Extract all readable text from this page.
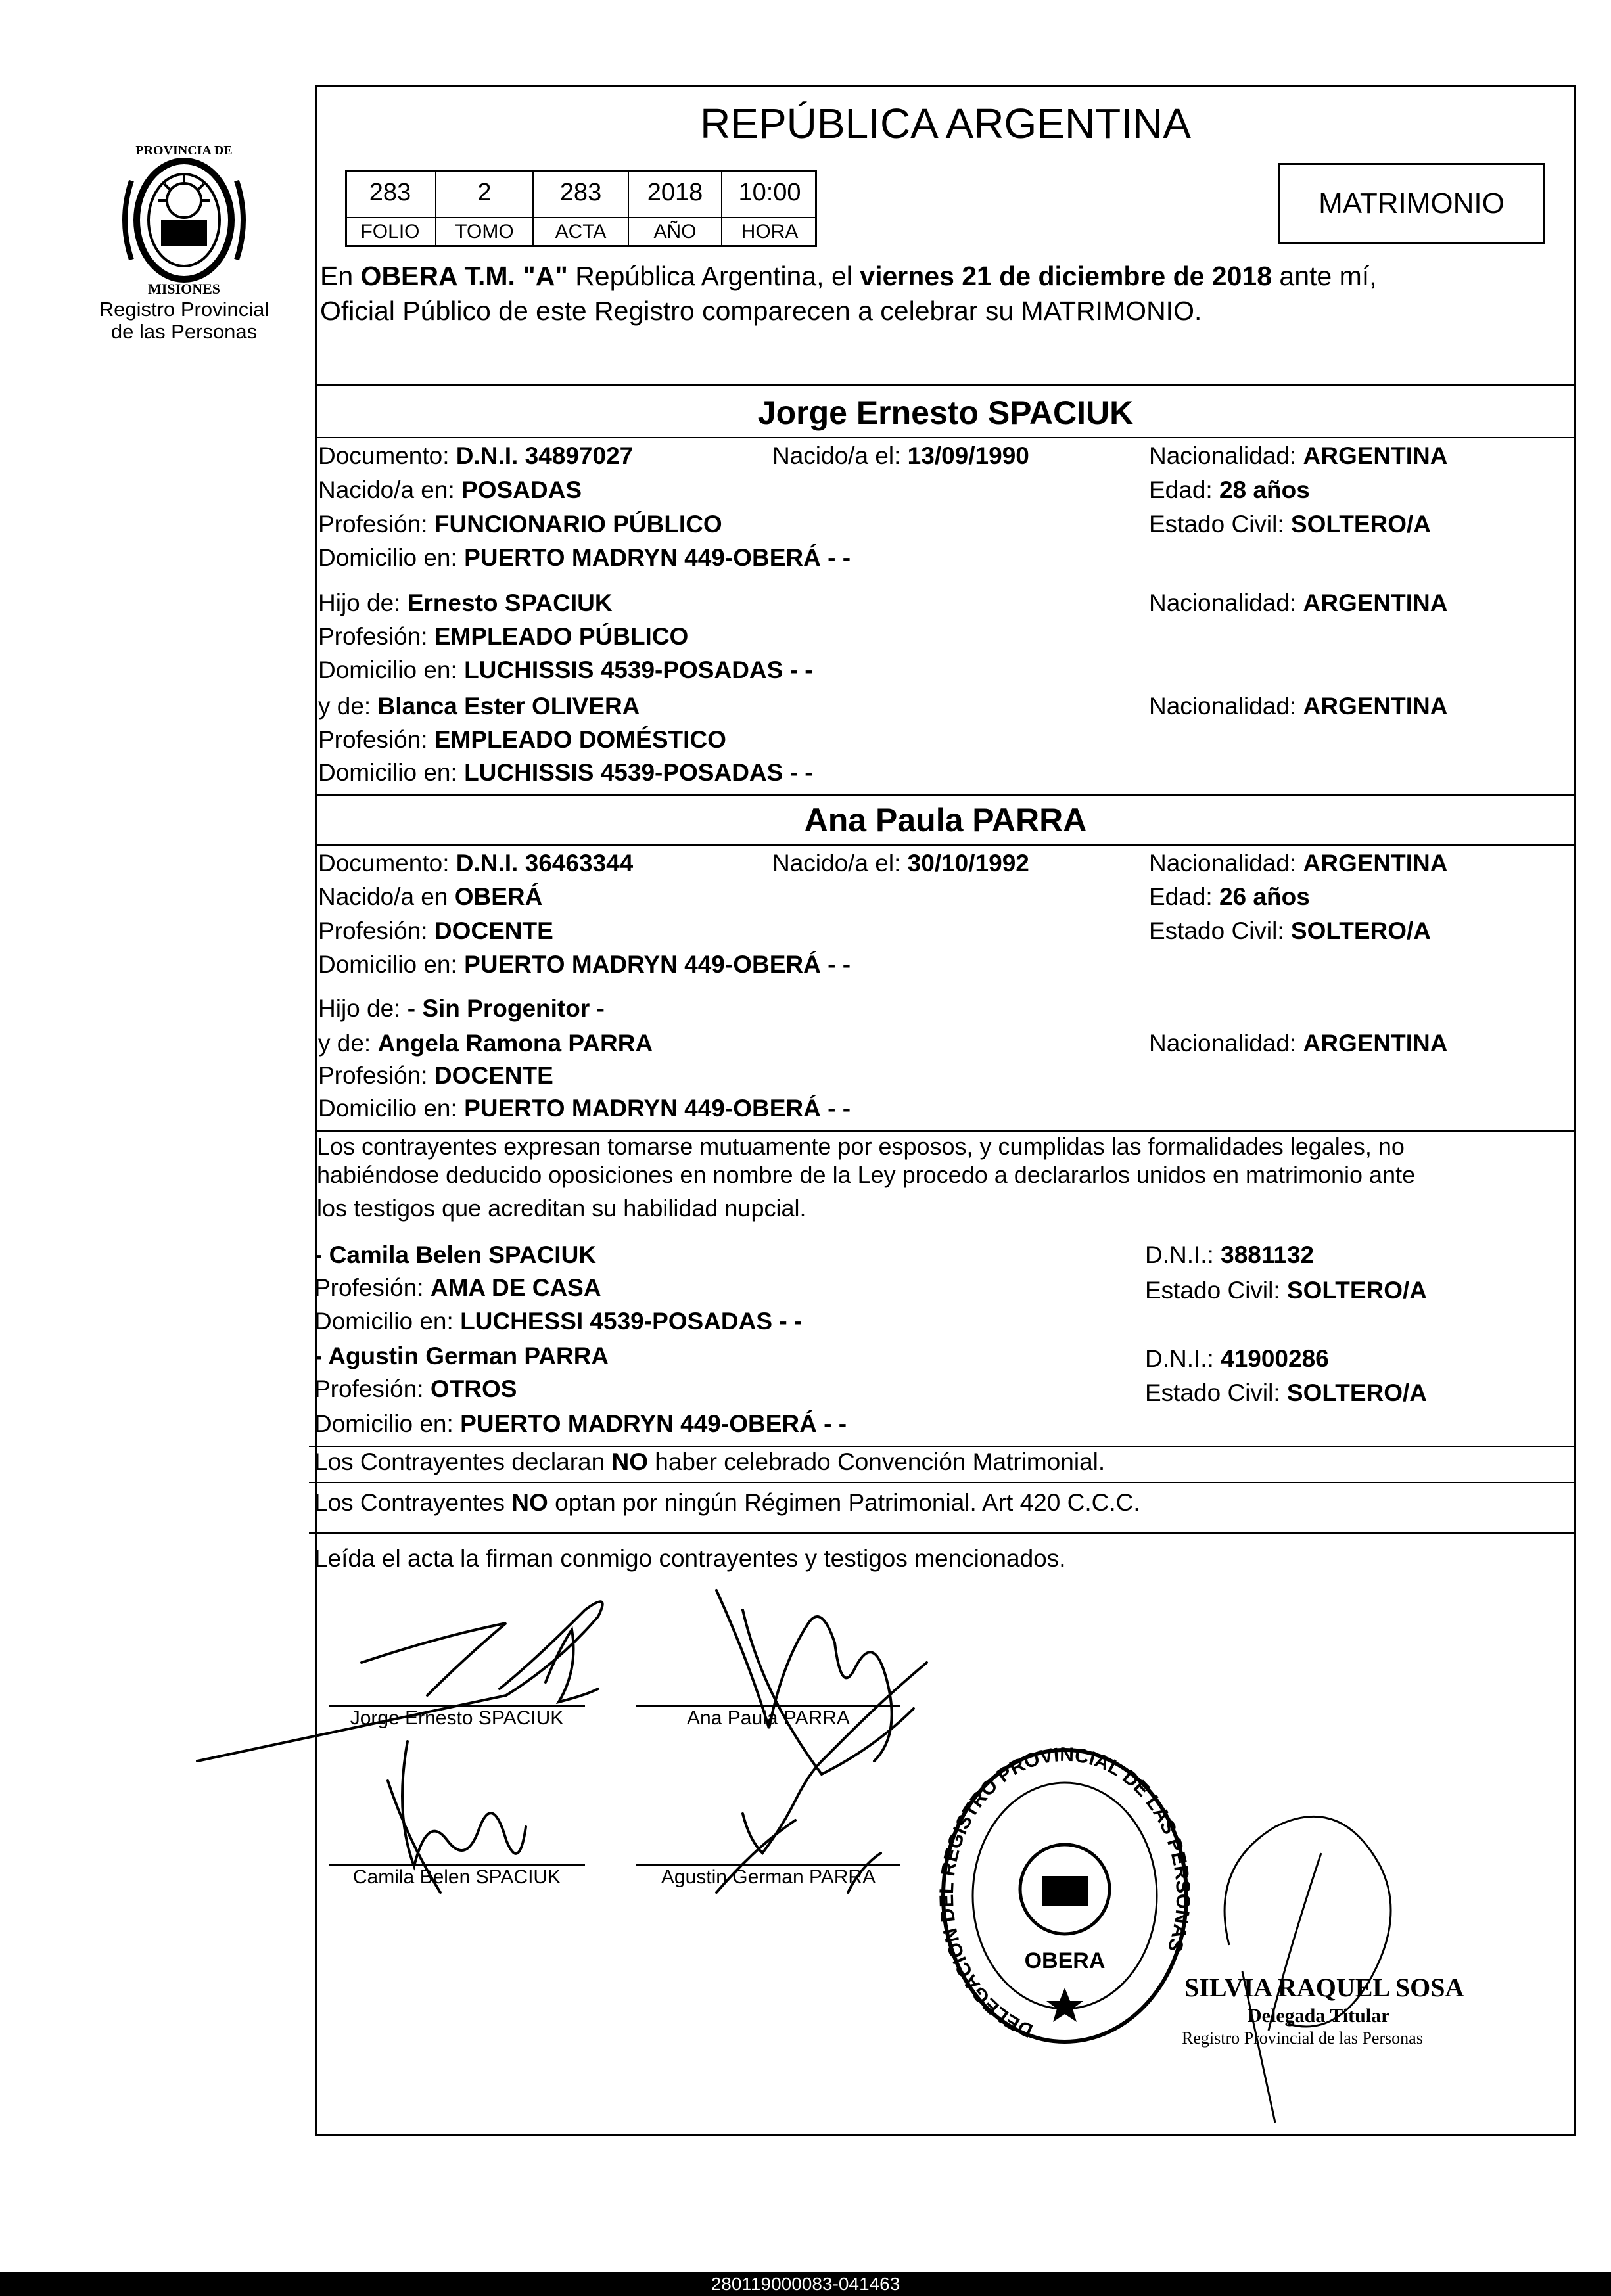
PROVINCIA DE
MISIONES
Registro Provincial
de las Personas
REPÚBLICA ARGENTINA
283	2	283	2018	10:00
FOLIO	TOMO	ACTA	AÑO	HORA
MATRIMONIO
En OBERA T.M. "A" República Argentina, el viernes 21 de diciembre de 2018 ante mí,
Oficial Público de este Registro comparecen a celebrar su MATRIMONIO.
Jorge Ernesto SPACIUK
Documento: D.N.I. 34897027	Nacido/a el: 13/09/1990	Nacionalidad: ARGENTINA
Nacido/a en: POSADAS	Edad: 28 años
Profesión: FUNCIONARIO PÚBLICO	Estado Civil: SOLTERO/A
Domicilio en: PUERTO MADRYN 449-OBERÁ - -
Hijo de: Ernesto SPACIUK	Nacionalidad: ARGENTINA
Profesión: EMPLEADO PÚBLICO
Domicilio en: LUCHISSIS 4539-POSADAS - -
y de: Blanca Ester OLIVERA	Nacionalidad: ARGENTINA
Profesión: EMPLEADO DOMÉSTICO
Domicilio en: LUCHISSIS 4539-POSADAS - -
Ana Paula PARRA
Documento: D.N.I. 36463344	Nacido/a el: 30/10/1992	Nacionalidad: ARGENTINA
Nacido/a en OBERÁ	Edad: 26 años
Profesión: DOCENTE	Estado Civil: SOLTERO/A
Domicilio en: PUERTO MADRYN 449-OBERÁ - -
Hijo de: - Sin Progenitor -
y de: Angela Ramona PARRA	Nacionalidad: ARGENTINA
Profesión: DOCENTE
Domicilio en: PUERTO MADRYN 449-OBERÁ - -
Los contrayentes expresan tomarse mutuamente por esposos, y cumplidas las formalidades legales, no
habiéndose deducido oposiciones en nombre de la Ley procedo a declararlos unidos en matrimonio ante
los testigos que acreditan su habilidad nupcial.
- Camila Belen SPACIUK	D.N.I.: 3881132
Profesión: AMA DE CASA	Estado Civil: SOLTERO/A
Domicilio en: LUCHESSI 4539-POSADAS - -
- Agustin German PARRA	D.N.I.: 41900286
Profesión: OTROS	Estado Civil: SOLTERO/A
Domicilio en: PUERTO MADRYN 449-OBERÁ - -
Los Contrayentes declaran NO haber celebrado Convención Matrimonial.
Los Contrayentes NO optan por ningún Régimen Patrimonial. Art 420 C.C.C.
Leída el acta la firman conmigo contrayentes y testigos mencionados.
Jorge Ernesto SPACIUK	Ana Paula PARRA
Camila Belen SPACIUK	Agustin German PARRA
DELEGACION DEL REGISTRO PROVINCIAL DE LAS PERSONAS
OBERA
SILVIA RAQUEL SOSA
Delegada Titular
Registro Provincial de las Personas
280119000083-041463
